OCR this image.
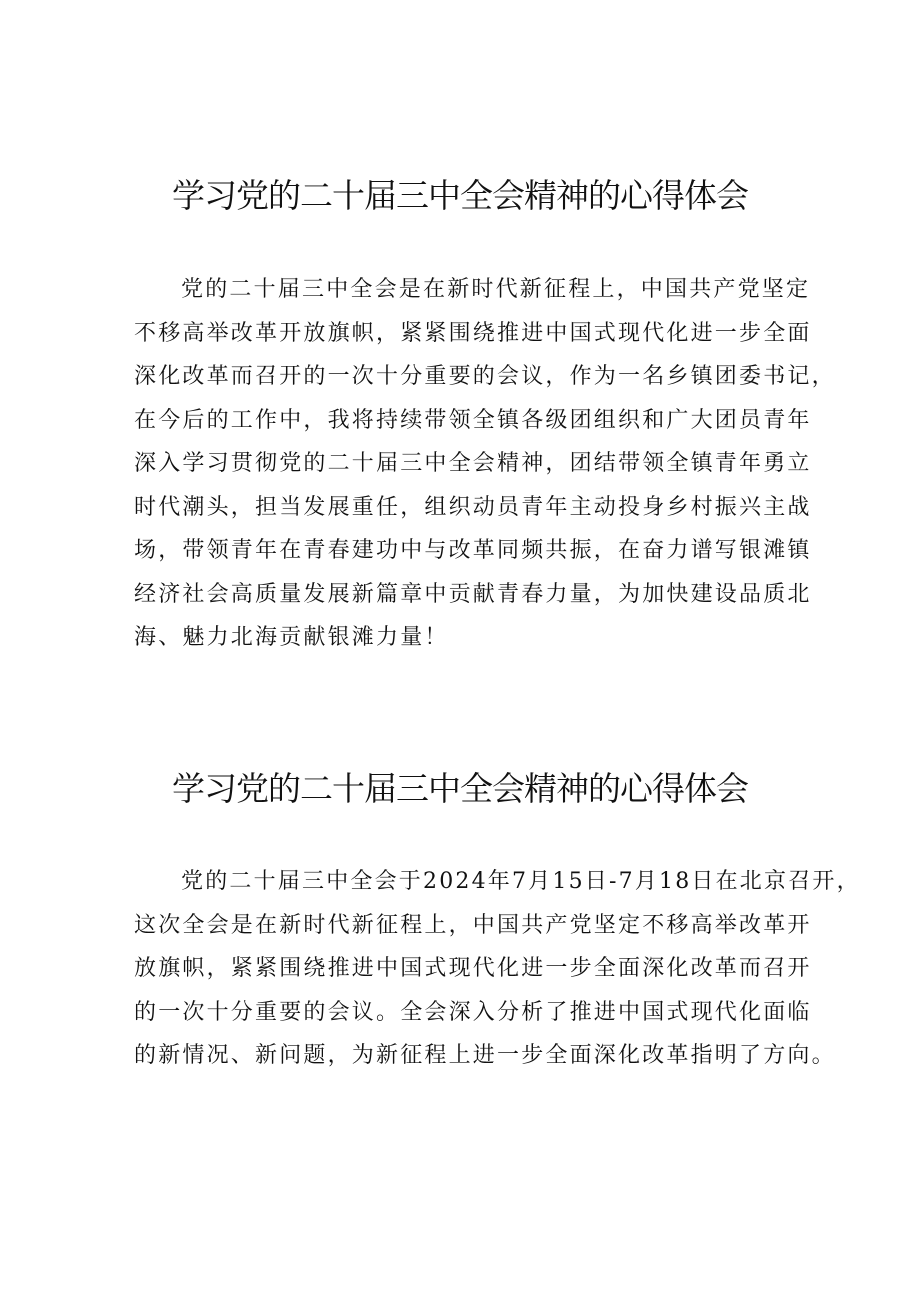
学习党的二十届三中全会精神的心得体会
党的二十届三中全会是在新时代新征程上，中国共产党坚定
不移高举改革开放旗帜，紧紧围绕推进中国式现代化进一步全面
深化改革而召开的一次十分重要的会议，作为一名乡镇团委书记，
在今后的工作中，我将持续带领全镇各级团组织和广大团员青年
深入学习贯彻党的二十届三中全会精神，团结带领全镇青年勇立
时代潮头，担当发展重任，组织动员青年主动投身乡村振兴主战
场，带领青年在青春建功中与改革同频共振，在奋力谱写银滩镇
经济社会高质量发展新篇章中贡献青春力量，为加快建设品质北
海、魅力北海贡献银滩力量！
学习党的二十届三中全会精神的心得体会
党的二十届三中全会于2024年7月15日-7月18日在北京召开，
这次全会是在新时代新征程上，中国共产党坚定不移高举改革开
放旗帜，紧紧围绕推进中国式现代化进一步全面深化改革而召开
的一次十分重要的会议。全会深入分析了推进中国式现代化面临
的新情况、新问题，为新征程上进一步全面深化改革指明了方向。
